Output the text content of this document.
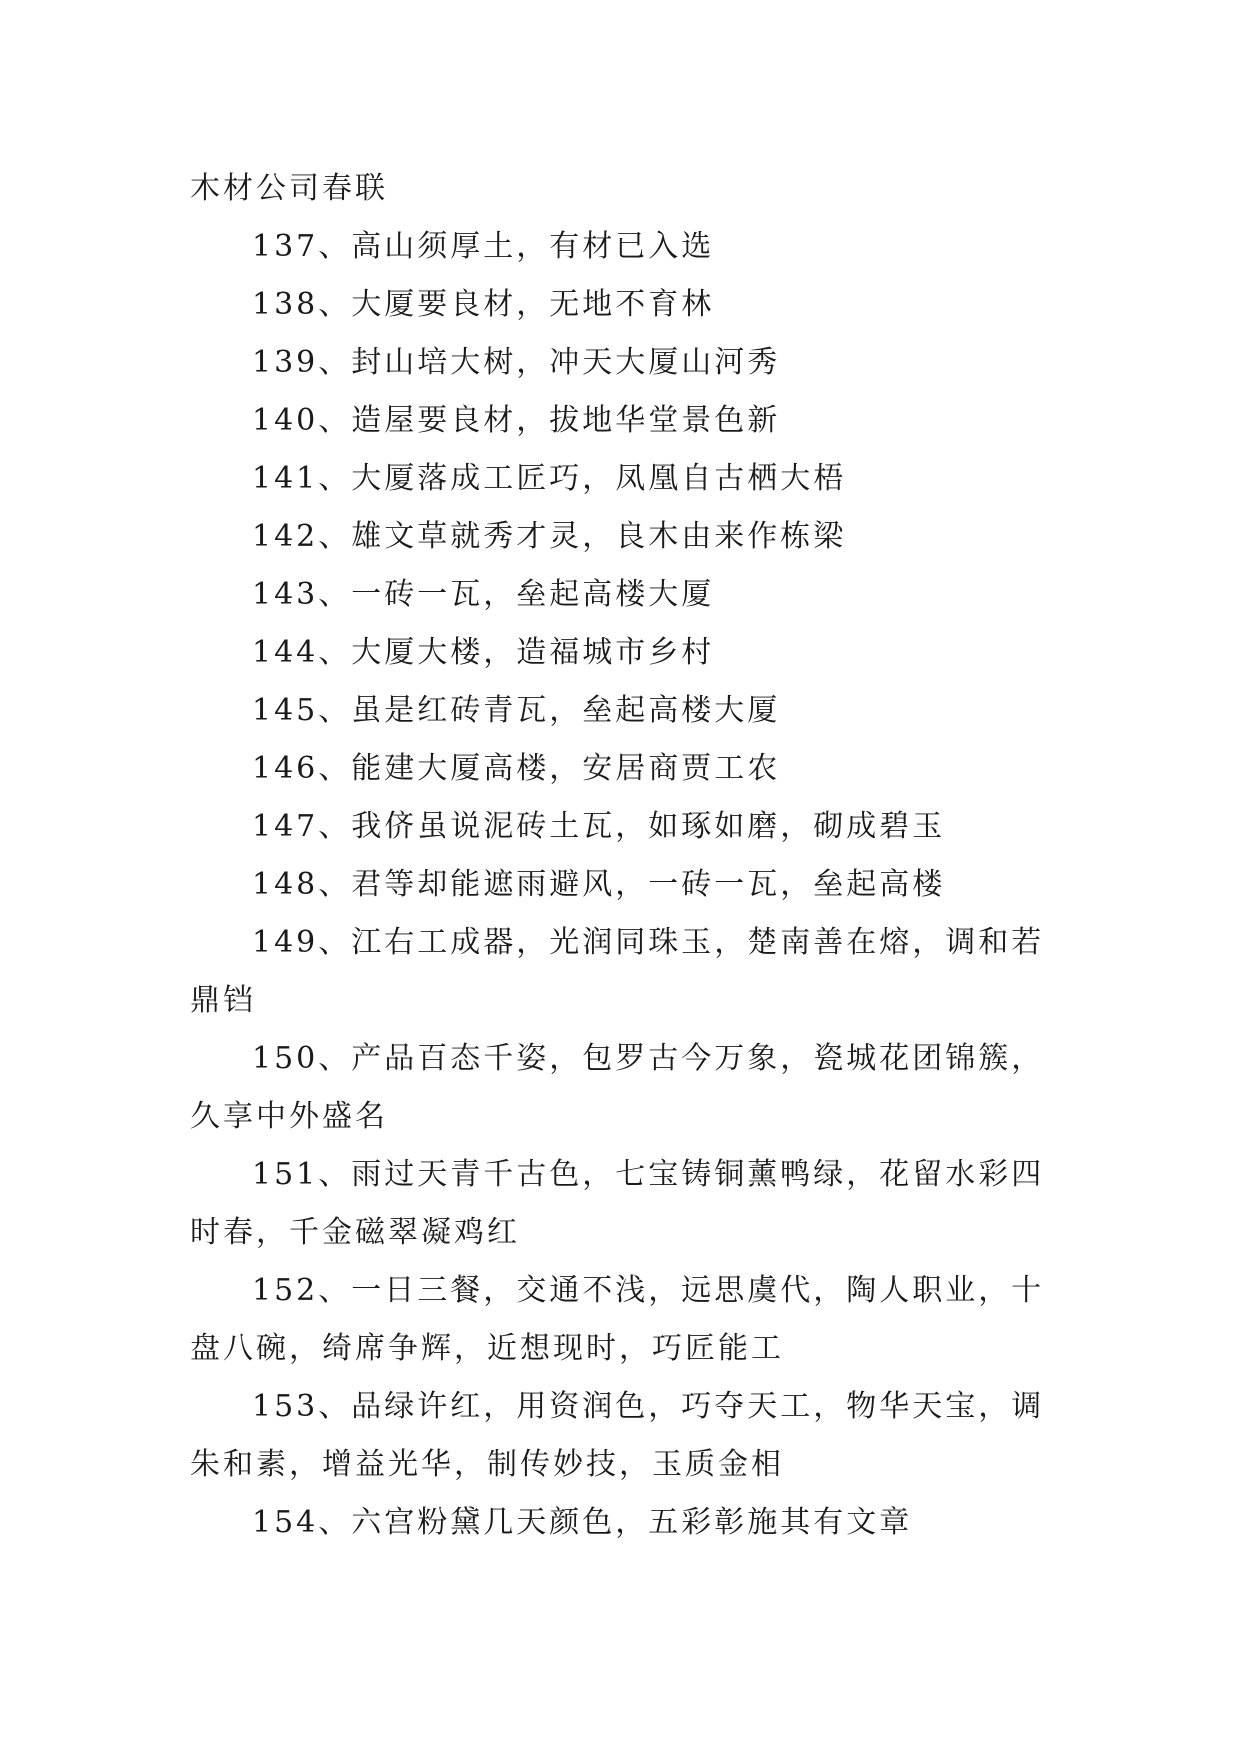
木材公司春联

137、高山须厚土，有材已入选

138、大厦要良材，无地不育林

139、封山培大树，冲天大厦山河秀

140、造屋要良材，拔地华堂景色新

141、大厦落成工匠巧，凤凰自古栖大梧

142、雄文草就秀才灵，良木由来作栋梁

143、一砖一瓦，垒起高楼大厦

144、大厦大楼，造福城市乡村

145、虽是红砖青瓦，垒起高楼大厦

146、能建大厦高楼，安居商贾工农

147、我侪虽说泥砖土瓦，如琢如磨，砌成碧玉

148、君等却能遮雨避风，一砖一瓦，垒起高楼

149、江右工成器，光润同珠玉，楚南善在熔，调和若鼎铛

150、产品百态千姿，包罗古今万象，瓷城花团锦簇，久享中外盛名

151、雨过天青千古色，七宝铸铜薰鸭绿，花留水彩四时春，千金磁翠凝鸡红

152、一日三餐，交通不浅，远思虞代，陶人职业，十盘八碗，绮席争辉，近想现时，巧匠能工

153、品绿许红，用资润色，巧夺天工，物华天宝，调朱和素，增益光华，制传妙技，玉质金相

154、六宫粉黛几天颜色，五彩彰施其有文章
